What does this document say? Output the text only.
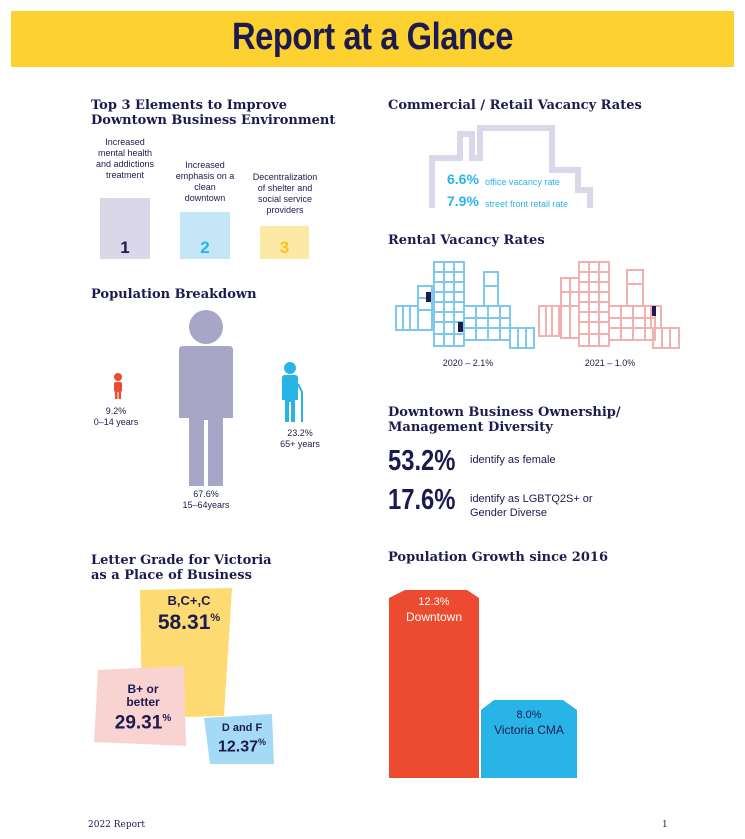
Report at a Glance
Top 3 Elements to Improve Downtown Business Environment
Increased mental health and addictions treatment
Increased emphasis on a clean downtown
Decentralization of shelter and social service providers
1	2	3
Population Breakdown
9.2%
0–14 years
67.6%
15–64years
23.2%
65+ years
Commercial / Retail Vacancy Rates
6.6% office vacancy rate
7.9% street front retail rate
Rental Vacancy Rates
2020 – 2.1%	2021 – 1.0%
Downtown Business Ownership/ Management Diversity
53.2% identify as female
17.6% identify as LGBTQ2S+ or Gender Diverse
Letter Grade for Victoria as a Place of Business
B,C+,C
58.31%
B+ or better
29.31%
D and F
12.37%
Population Growth since 2016
12.3%
Downtown
8.0%
Victoria CMA
2022 Report	1
